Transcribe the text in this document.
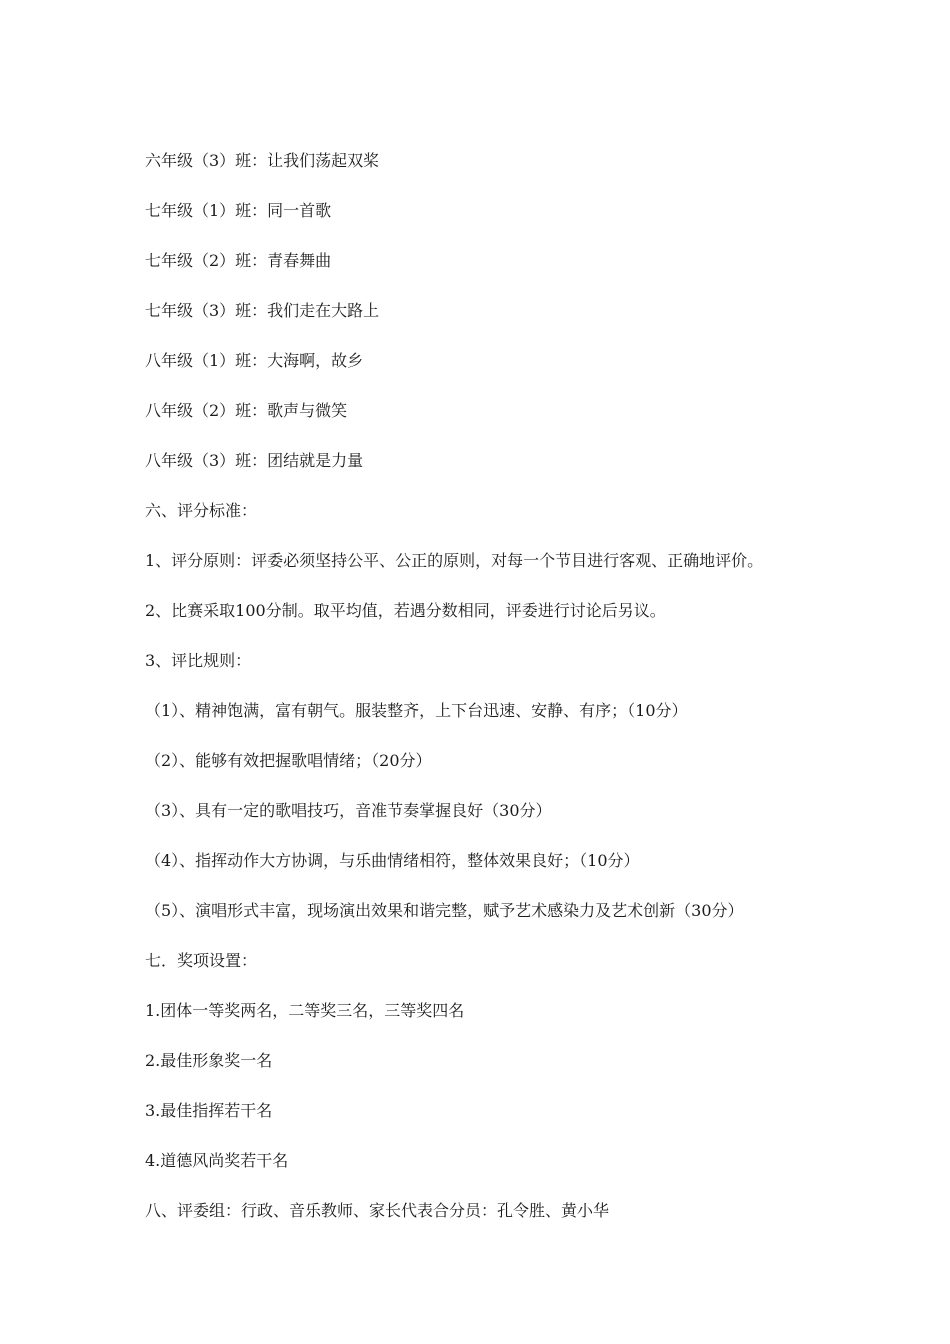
六年级（3）班：让我们荡起双桨

七年级（1）班：同一首歌

七年级（2）班：青春舞曲

七年级（3）班：我们走在大路上

八年级（1）班：大海啊，故乡

八年级（2）班：歌声与微笑

八年级（3）班：团结就是力量

六、评分标准：

1、评分原则：评委必须坚持公平、公正的原则，对每一个节目进行客观、正确地评价。

2、比赛采取100分制。取平均值，若遇分数相同，评委进行讨论后另议。

3、评比规则：

（1）、精神饱满，富有朝气。服装整齐，上下台迅速、安静、有序；（10分）

（2）、能够有效把握歌唱情绪；（20分）

（3）、具有一定的歌唱技巧，音准节奏掌握良好（30分）

（4）、指挥动作大方协调，与乐曲情绪相符，整体效果良好；（10分）

（5）、演唱形式丰富，现场演出效果和谐完整，赋予艺术感染力及艺术创新（30分）

七．奖项设置：

1.团体一等奖两名，二等奖三名，三等奖四名

2.最佳形象奖一名

3.最佳指挥若干名

4.道德风尚奖若干名

八、评委组：行政、音乐教师、家长代表合分员：孔令胜、黄小华
